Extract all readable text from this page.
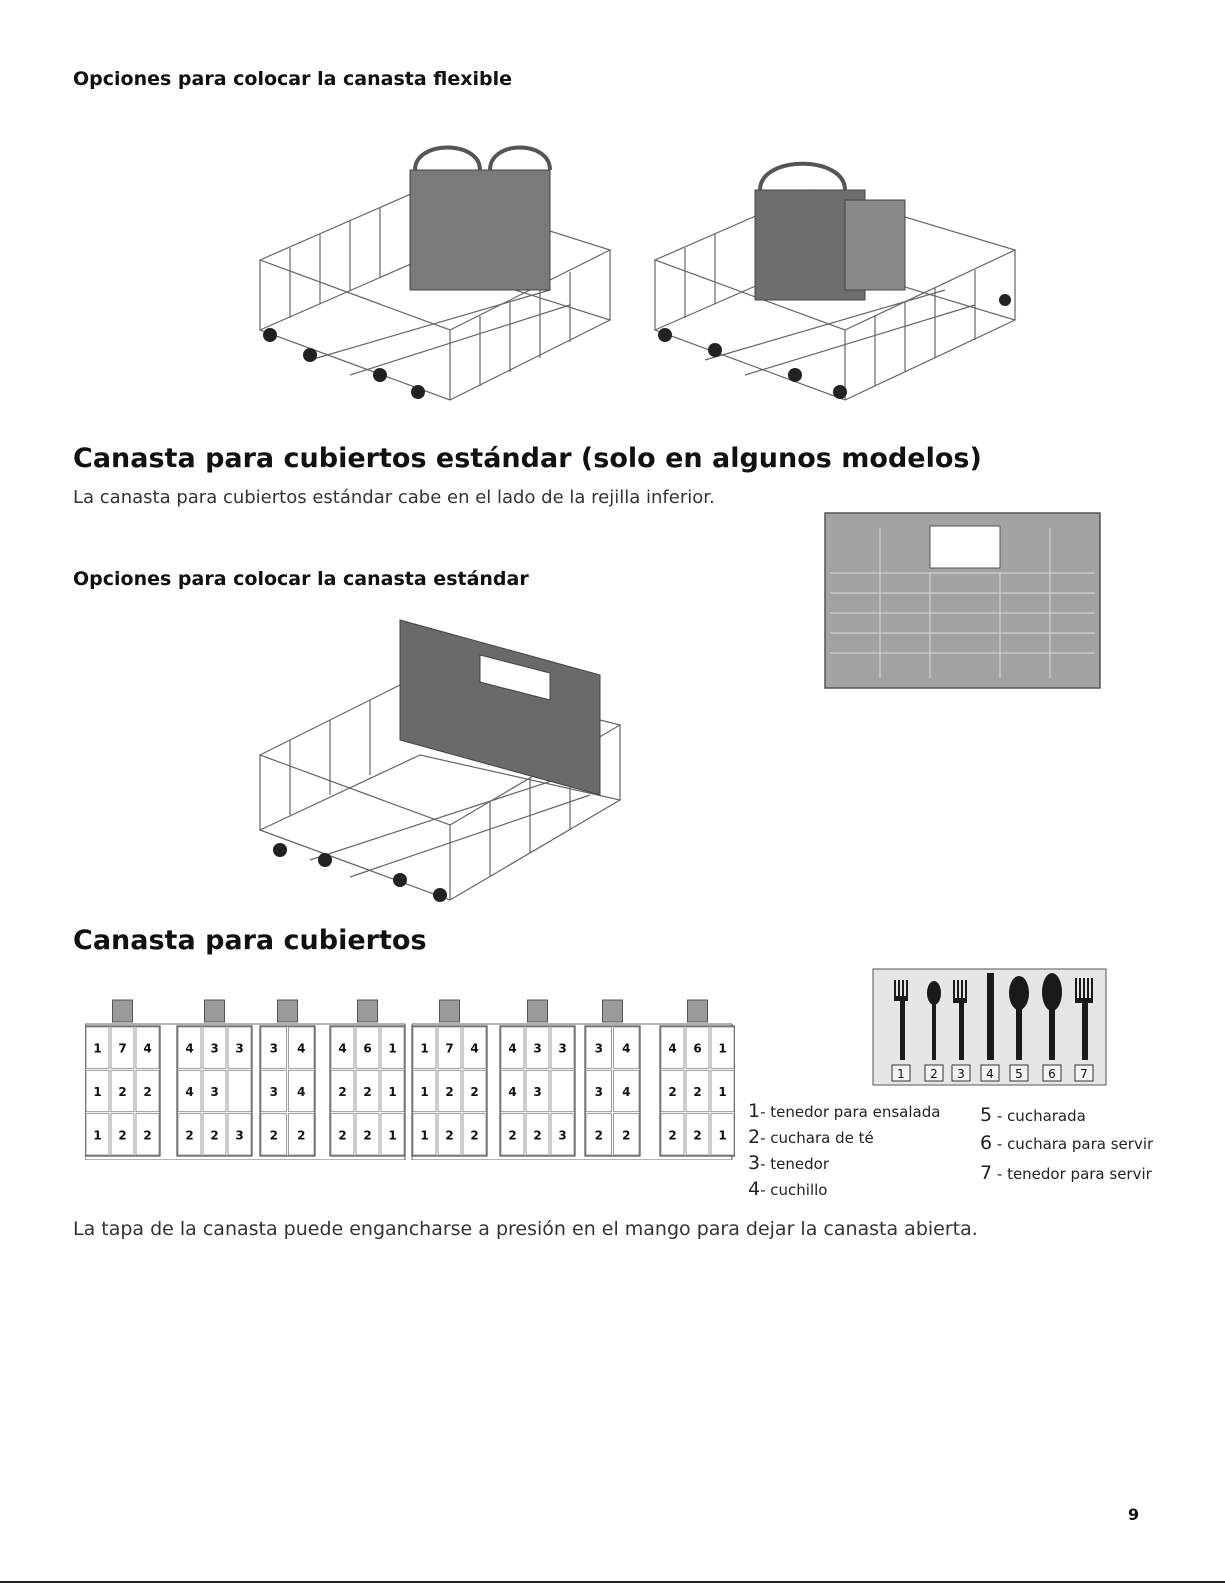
Opciones para colocar la canasta flexible
Canasta para cubiertos estándar (solo en algunos modelos)
La canasta para cubiertos estándar cabe en el lado de la rejilla inferior.
Opciones para colocar la canasta estándar
Canasta para cubiertos
1 7 4
1 2 2
1 2 2
4 3 3
4 3
2 2 3
3 4
3 4
2 2
4 6 1
2 2 1
2 2 1
1 7 4
1 2 2
1 2 2
4 3 3
4 3
2 2 3
3 4
3 4
2 2
4 6 1
2 2 1
2 2 1
1 2 3 4 5 6 7
1- tenedor para ensalada
2- cuchara de té
3- tenedor
4- cuchillo
5 - cucharada
6 - cuchara para servir
7 - tenedor para servir
La tapa de la canasta puede engancharse a presión en el mango para dejar la canasta abierta.
9
